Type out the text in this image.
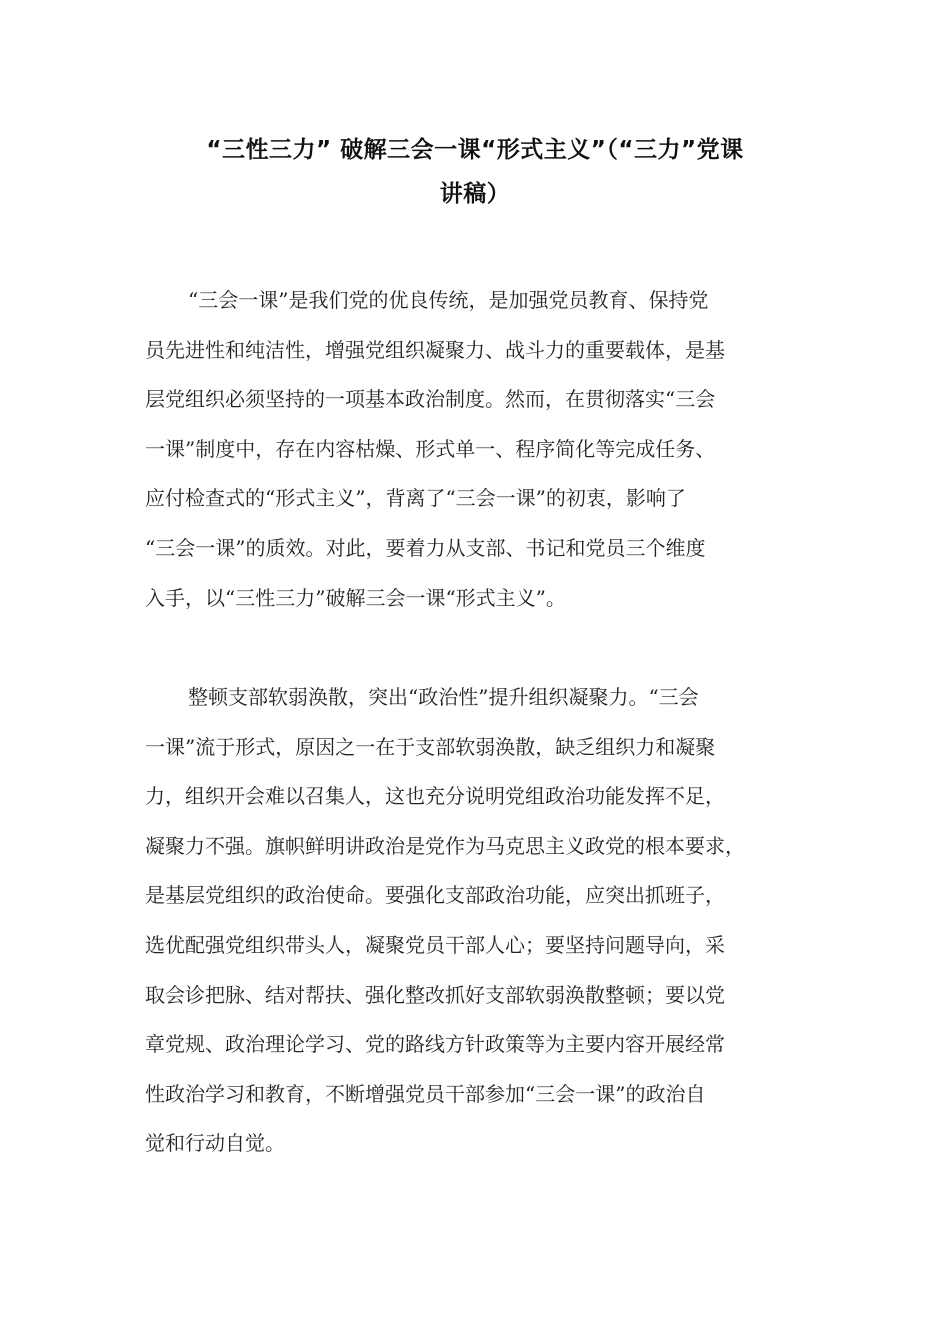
“三性三力” 破解三会一课“形式主义”（“三力”党课
讲稿）
“三会一课”是我们党的优良传统，是加强党员教育、保持党
员先进性和纯洁性，增强党组织凝聚力、战斗力的重要载体，是基
层党组织必须坚持的一项基本政治制度。然而，在贯彻落实“三会
一课”制度中，存在内容枯燥、形式单一、程序简化等完成任务、
应付检查式的“形式主义”，背离了“三会一课”的初衷，影响了
“三会一课”的质效。对此，要着力从支部、书记和党员三个维度
入手，以“三性三力”破解三会一课“形式主义”。
整顿支部软弱涣散，突出“政治性”提升组织凝聚力。“三会
一课”流于形式，原因之一在于支部软弱涣散，缺乏组织力和凝聚
力，组织开会难以召集人，这也充分说明党组政治功能发挥不足，
凝聚力不强。旗帜鲜明讲政治是党作为马克思主义政党的根本要求，
是基层党组织的政治使命。要强化支部政治功能，应突出抓班子，
选优配强党组织带头人，凝聚党员干部人心；要坚持问题导向，采
取会诊把脉、结对帮扶、强化整改抓好支部软弱涣散整顿；要以党
章党规、政治理论学习、党的路线方针政策等为主要内容开展经常
性政治学习和教育，不断增强党员干部参加“三会一课”的政治自
觉和行动自觉。
